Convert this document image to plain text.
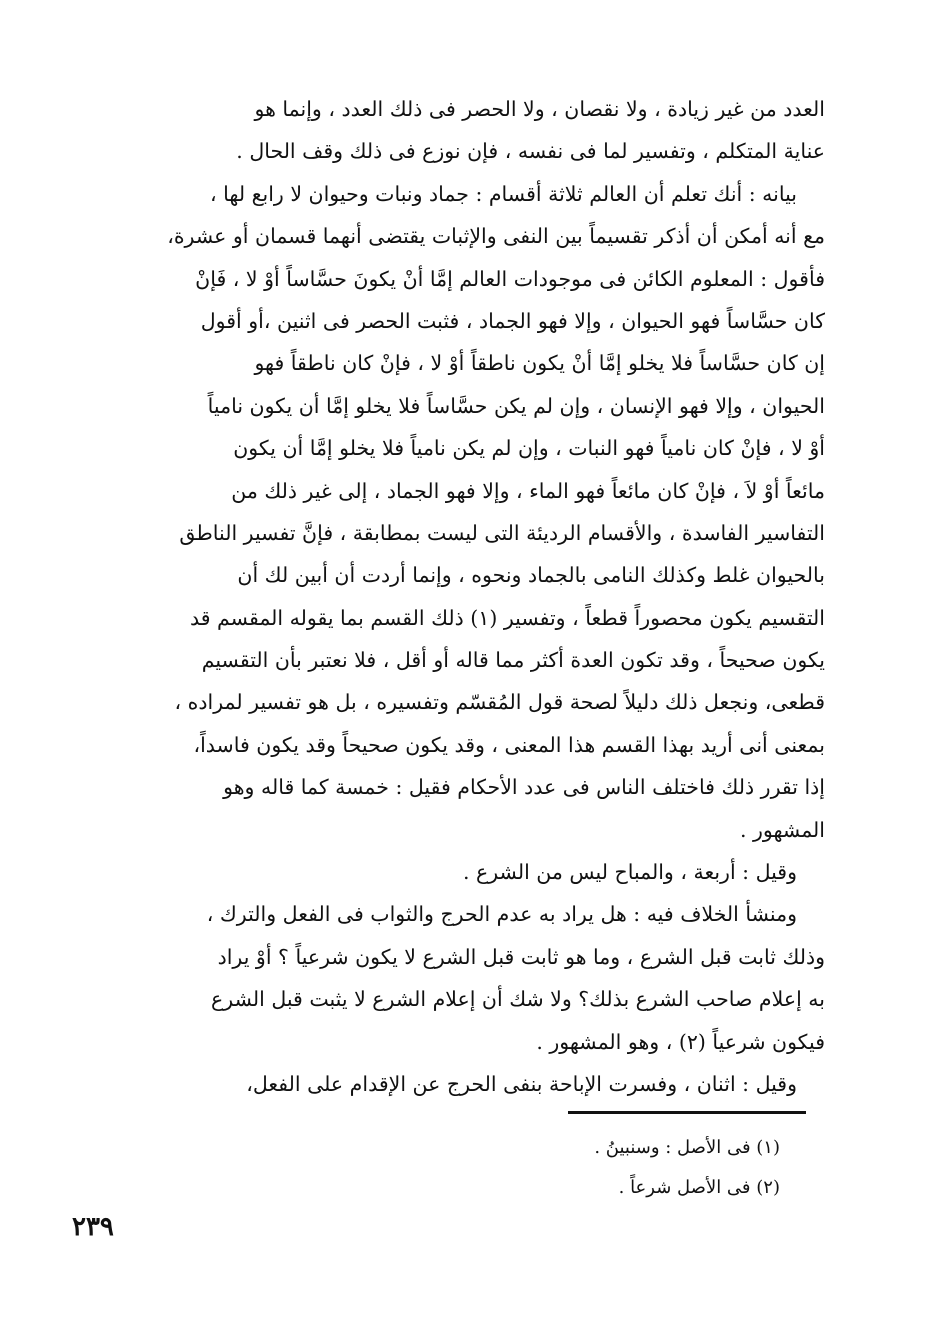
العدد من غير زيادة ، ولا نقصان ، ولا الحصر فى ذلك العدد ، وإنما هو
عناية المتكلم ، وتفسير لما فى نفسه ، فإن نوزع فى ذلك وقف الحال .
بيانه : أنك تعلم أن العالم ثلاثة أقسام : جماد ونبات وحيوان لا رابع لها ،
مع أنه أمكن أن أذكر تقسيماً بين النفى والإثبات يقتضى أنهما قسمان أو عشرة،
فأقول : المعلوم الكائن فى موجودات العالم إمَّا أنْ يكونَ حسَّاساً أوْ لا ، فَإنْ
كان حسَّاساً فهو الحيوان ، وإلا فهو الجماد ، فثبت الحصر فى اثنين ،أو أقول
إن كان حسَّاساً فلا يخلو إمَّا أنْ يكون ناطقاً أوْ لا ، فإنْ كان ناطقاً فهو
الحيوان ، وإلا فهو الإنسان ، وإن لم يكن حسَّاساً فلا يخلو إمَّا أن يكون نامياً
أوْ لا ، فإنْ كان نامياً فهو النبات ، وإن لم يكن نامياً فلا يخلو إمَّا أن يكون
مائعاً أوْ لاَ ، فإنْ كان مائعاً فهو الماء ، وإلا فهو الجماد ، إلى غير ذلك من
التفاسير الفاسدة ، والأقسام الرديئة التى ليست بمطابقة ، فإنَّ تفسير الناطق
بالحيوان غلط وكذلك النامى بالجماد ونحوه ، وإنما أردت أن أبين لك أن
التقسيم يكون محصوراً قطعاً ، وتفسير (١) ذلك القسم بما يقوله المقسم قد
يكون صحيحاً ، وقد تكون العدة أكثر مما قاله أو أقل ، فلا نعتبر بأن التقسيم
قطعى، ونجعل ذلك دليلاً لصحة قول المُقسّم وتفسيره ، بل هو تفسير لمراده ،
بمعنى أنى أريد بهذا القسم هذا المعنى ، وقد يكون صحيحاً وقد يكون فاسداً،
إذا تقرر ذلك فاختلف الناس فى عدد الأحكام فقيل : خمسة كما قاله وهو
المشهور .
وقيل : أربعة ، والمباح ليس من الشرع .
ومنشأ الخلاف فيه : هل يراد به عدم الحرج والثواب فى الفعل والترك ،
وذلك ثابت قبل الشرع ، وما هو ثابت قبل الشرع لا يكون شرعياً ؟ أوْ يراد
به إعلام صاحب الشرع بذلك؟ ولا شك أن إعلام الشرع لا يثبت قبل الشرع
فيكون شرعياً (٢) ، وهو المشهور .
وقيل : اثنان ، وفسرت الإباحة بنفى الحرج عن الإقدام على الفعل،
(١) فى الأصل : وسنبينُ .
(٢) فى الأصل شرعاً .
٢٣٩
